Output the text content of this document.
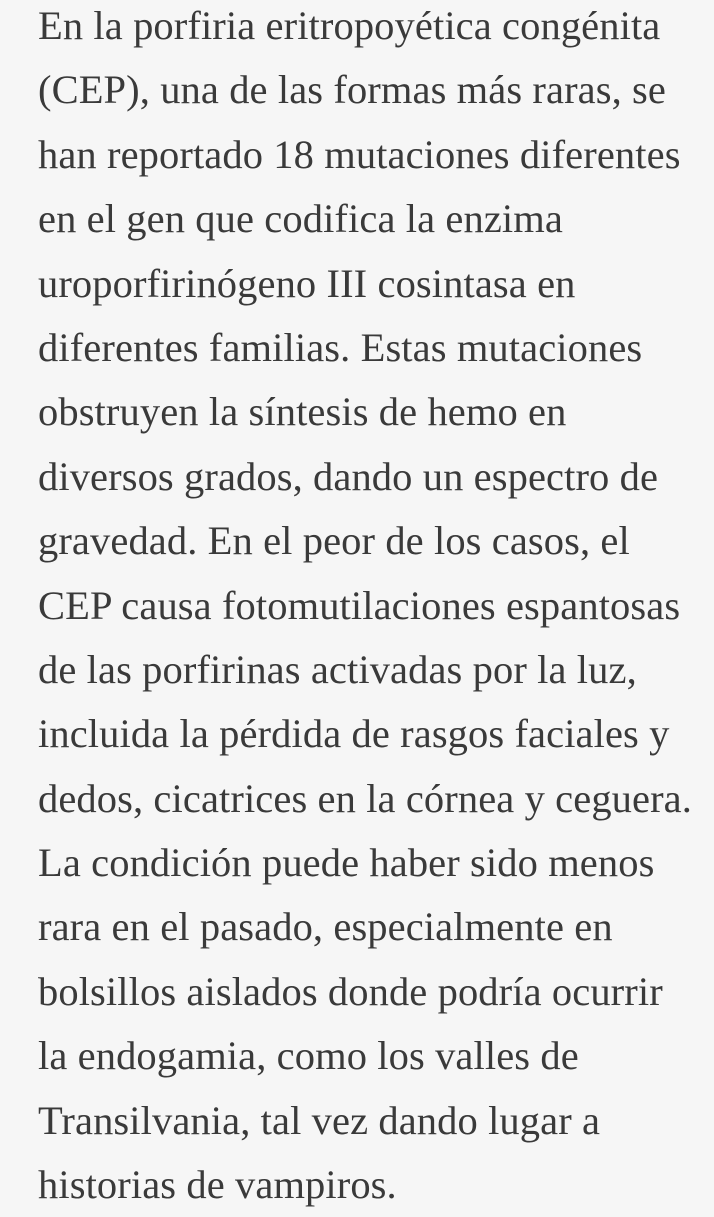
En la porfiria eritropoyética congénita
(CEP), una de las formas más raras, se
han reportado 18 mutaciones diferentes
en el gen que codifica la enzima
uroporfirinógeno III cosintasa en
diferentes familias. Estas mutaciones
obstruyen la síntesis de hemo en
diversos grados, dando un espectro de
gravedad. En el peor de los casos, el
CEP causa fotomutilaciones espantosas
de las porfirinas activadas por la luz,
incluida la pérdida de rasgos faciales y
dedos, cicatrices en la córnea y ceguera.
La condición puede haber sido menos
rara en el pasado, especialmente en
bolsillos aislados donde podría ocurrir
la endogamia, como los valles de
Transilvania, tal vez dando lugar a
historias de vampiros.
